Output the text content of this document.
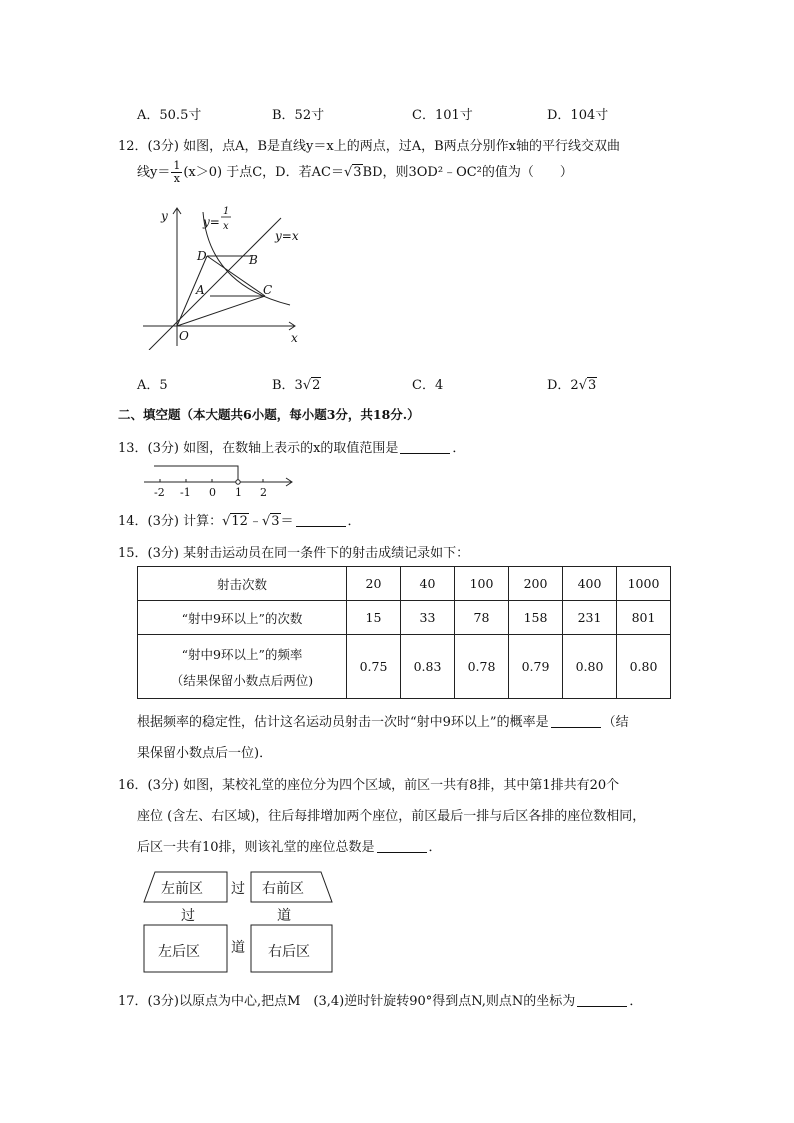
A．50.5寸	B．52寸	C．101寸	D．104寸
12．(3分) 如图，点A，B是直线y＝x上的两点，过A，B两点分别作x轴的平行线交双曲
线$y= \frac{1}{x} (x>0)$ 于点C，D．若AC＝√3BD，则3OD²﹣OC²的值为（　　）
y
x
O
y=
1
x
y=x
D	B
A	C
A．5	B．3√2	C．4	D．2√3
二、填空题（本大题共6小题，每小题3分，共18分.）
13．(3分) 如图，在数轴上表示的x的取值范围是	．
-2 -1 0 1 2
14．(3分) 计算：√12﹣√3＝	．
15．(3分) 某射击运动员在同一条件下的射击成绩记录如下：
射击次数	20	40	100	200	400	1000
“射中9环以上”的次数	15	33	78	158	231	801

“射中9环以上”的频率
（结果保留小数点后两位)	0.75	0.83	0.78	0.79	0.80	0.80
根据频率的稳定性，估计这名运动员射击一次时“射中9环以上”的概率是	（结
果保留小数点后一位)．
16．(3分) 如图，某校礼堂的座位分为四个区域，前区一共有8排，其中第1排共有20个
座位 (含左、右区域)，往后每排增加两个座位，前区最后一排与后区各排的座位数相同，
后区一共有10排，则该礼堂的座位总数是	．
左前区	右前区
左后区	右后区
过
过	道
道
17．(3分)以原点为中心,把点M　(3,4)逆时针旋转90°得到点N,则点N的坐标为	．
